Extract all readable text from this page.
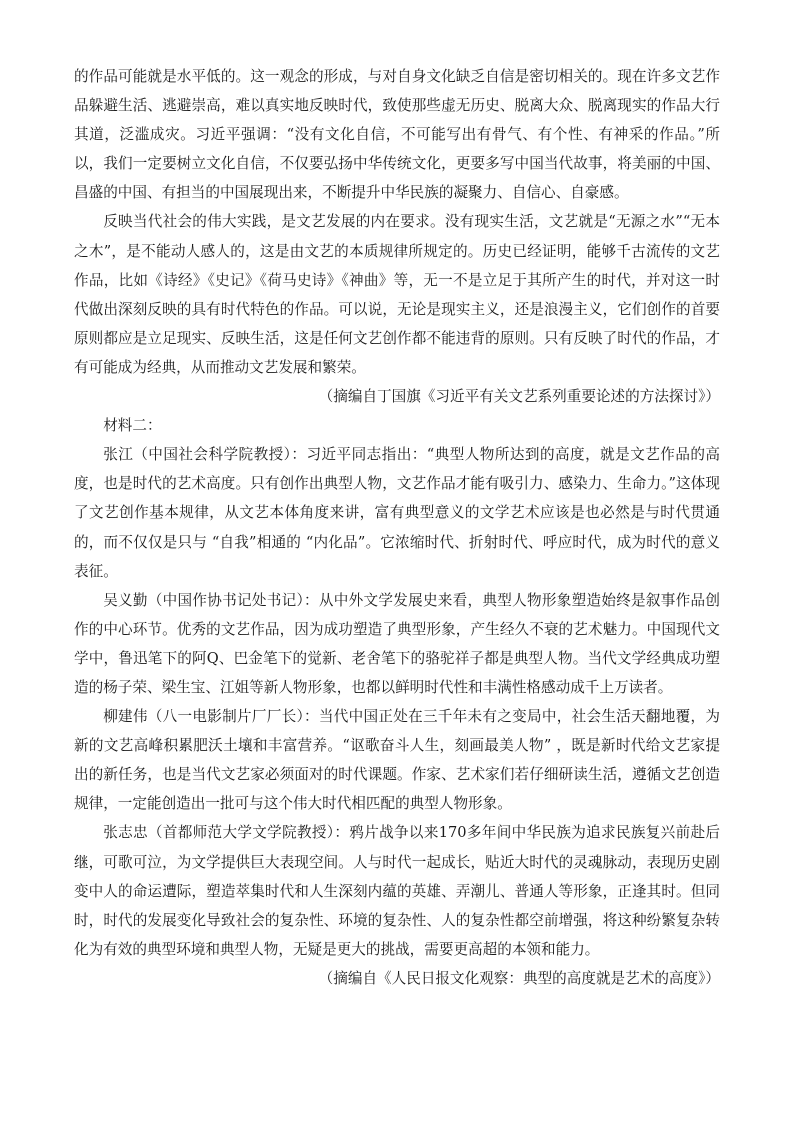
的作品可能就是水平低的。这一观念的形成，与对自身文化缺乏自信是密切相关的。现在许多文艺作品躲避生活、逃避崇高，难以真实地反映时代，致使那些虚无历史、脱离大众、脱离现实的作品大行其道，泛滥成灾。习近平强调：“没有文化自信，不可能写出有骨气、有个性、有神采的作品。”所以，我们一定要树立文化自信，不仅要弘扬中华传统文化，更要多写中国当代故事，将美丽的中国、昌盛的中国、有担当的中国展现出来，不断提升中华民族的凝聚力、自信心、自豪感。

反映当代社会的伟大实践，是文艺发展的内在要求。没有现实生活，文艺就是“无源之水”“无本之木”，是不能动人感人的，这是由文艺的本质规律所规定的。历史已经证明，能够千古流传的文艺作品，比如《诗经》《史记》《荷马史诗》《神曲》等，无一不是立足于其所产生的时代，并对这一时代做出深刻反映的具有时代特色的作品。可以说，无论是现实主义，还是浪漫主义，它们创作的首要原则都应是立足现实、反映生活，这是任何文艺创作都不能违背的原则。只有反映了时代的作品，才有可能成为经典，从而推动文艺发展和繁荣。

（摘编自丁国旗《习近平有关文艺系列重要论述的方法探讨》）

材料二：

张江（中国社会科学院教授）：习近平同志指出：“典型人物所达到的高度，就是文艺作品的高度，也是时代的艺术高度。只有创作出典型人物，文艺作品才能有吸引力、感染力、生命力。”这体现了文艺创作基本规律，从文艺本体角度来讲，富有典型意义的文学艺术应该是也必然是与时代贯通的，而不仅仅是只与 “自我”相通的 “内化品”。它浓缩时代、折射时代、呼应时代，成为时代的意义表征。

吴义勤（中国作协书记处书记）：从中外文学发展史来看，典型人物形象塑造始终是叙事作品创作的中心环节。优秀的文艺作品，因为成功塑造了典型形象，产生经久不衰的艺术魅力。中国现代文学中，鲁迅笔下的阿Q、巴金笔下的觉新、老舍笔下的骆驼祥子都是典型人物。当代文学经典成功塑造的杨子荣、梁生宝、江姐等新人物形象，也都以鲜明时代性和丰满性格感动成千上万读者。

柳建伟（八一电影制片厂厂长）：当代中国正处在三千年未有之变局中，社会生活天翻地覆，为新的文艺高峰积累肥沃土壤和丰富营养。“讴歌奋斗人生，刻画最美人物” ，既是新时代给文艺家提出的新任务，也是当代文艺家必须面对的时代课题。作家、艺术家们若仔细研读生活，遵循文艺创造规律，一定能创造出一批可与这个伟大时代相匹配的典型人物形象。

张志忠（首都师范大学文学院教授）：鸦片战争以来170多年间中华民族为追求民族复兴前赴后继，可歌可泣，为文学提供巨大表现空间。人与时代一起成长，贴近大时代的灵魂脉动，表现历史剧变中人的命运遭际，塑造萃集时代和人生深刻内蕴的英雄、弄潮儿、普通人等形象，正逢其时。但同时，时代的发展变化导致社会的复杂性、环境的复杂性、人的复杂性都空前增强，将这种纷繁复杂转化为有效的典型环境和典型人物，无疑是更大的挑战，需要更高超的本领和能力。

（摘编自《人民日报文化观察：典型的高度就是艺术的高度》）
